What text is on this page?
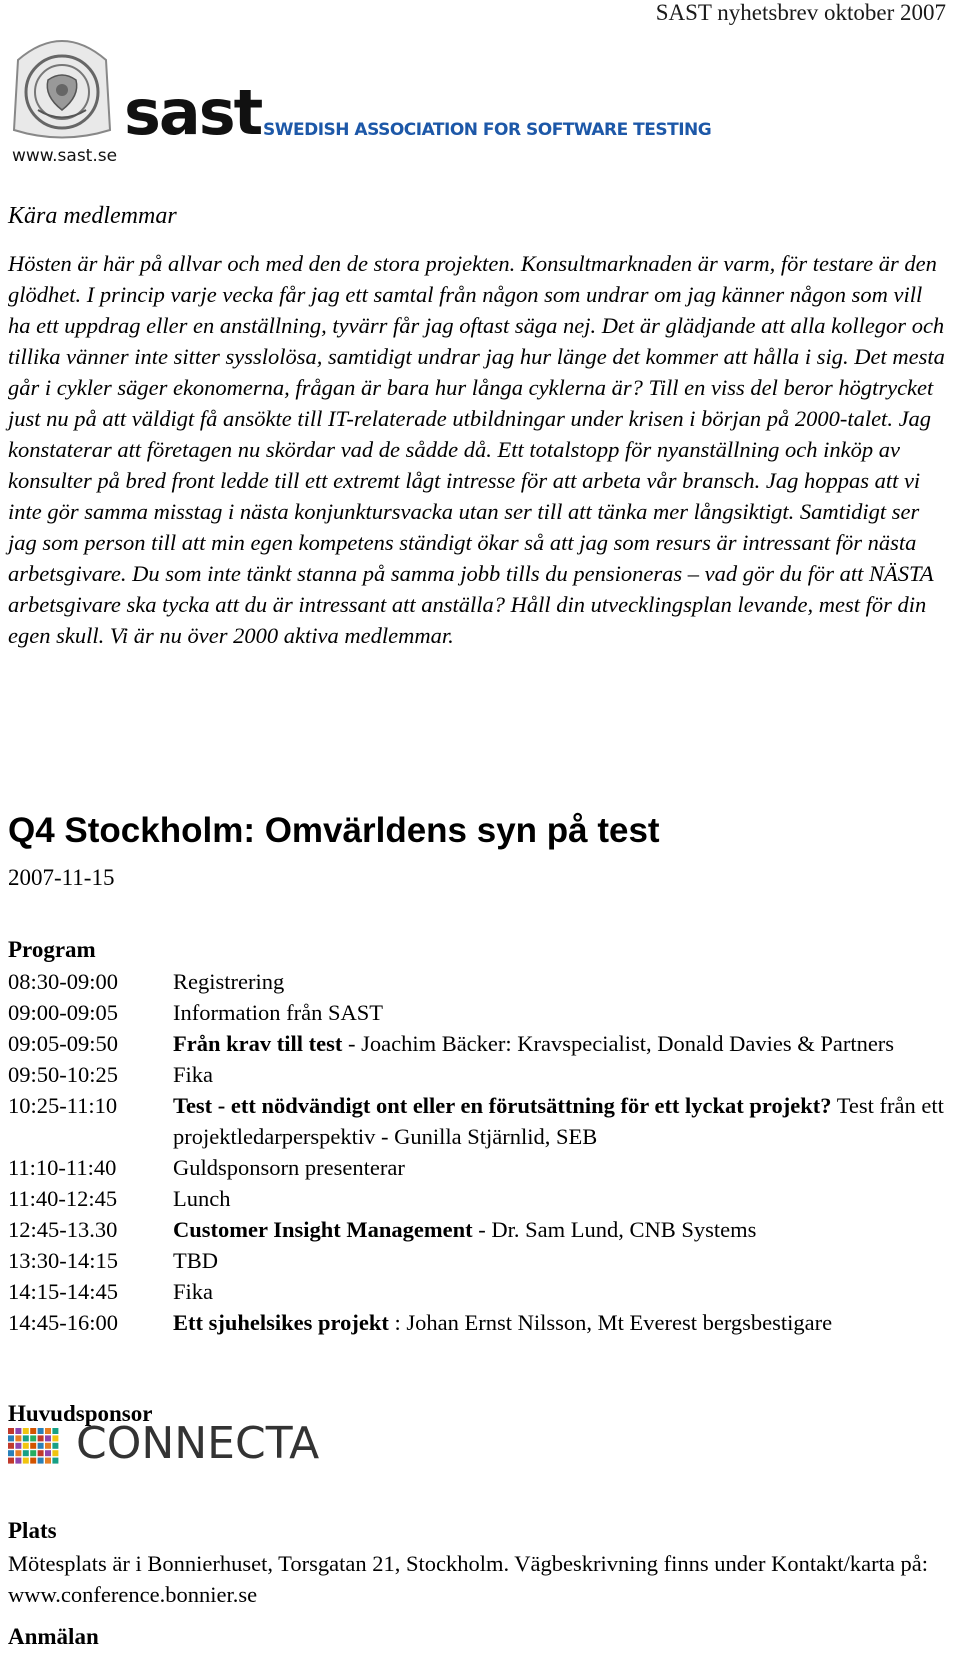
SAST nyhetsbrev oktober 2007
sast SWEDISH ASSOCIATION FOR SOFTWARE TESTING
www.sast.se
Kära medlemmar

Hösten är här på allvar och med den de stora projekten. Konsultmarknaden är varm, för testare är den glödhet. I princip varje vecka får jag ett samtal från någon som undrar om jag känner någon som vill ha ett uppdrag eller en anställning, tyvärr får jag oftast säga nej. Det är glädjande att alla kollegor och tillika vänner inte sitter sysslolösa, samtidigt undrar jag hur länge det kommer att hålla i sig. Det mesta går i cykler säger ekonomerna, frågan är bara hur långa cyklerna är? Till en viss del beror högtrycket just nu på att väldigt få ansökte till IT-relaterade utbildningar under krisen i början på 2000-talet. Jag konstaterar att företagen nu skördar vad de sådde då. Ett totalstopp för nyanställning och inköp av konsulter på bred front ledde till ett extremt lågt intresse för att arbeta vår bransch. Jag hoppas att vi inte gör samma misstag i nästa konjunktursvacka utan ser till att tänka mer långsiktigt. Samtidigt ser jag som person till att min egen kompetens ständigt ökar så att jag som resurs är intressant för nästa arbetsgivare. Du som inte tänkt stanna på samma jobb tills du pensioneras – vad gör du för att NÄSTA arbetsgivare ska tycka att du är intressant att anställa? Håll din utvecklingsplan levande, mest för din egen skull. Vi är nu över 2000 aktiva medlemmar.

Q4 Stockholm: Omvärldens syn på test
2007-11-15
Program
08:30-09:00	Registrering
09:00-09:05	Information från SAST
09:05-09:50	Från krav till test - Joachim Bäcker: Kravspecialist, Donald Davies & Partners
09:50-10:25	Fika
10:25-11:10	Test - ett nödvändigt ont eller en förutsättning för ett lyckat projekt? Test från ett projektledarperspektiv - Gunilla Stjärnlid, SEB
11:10-11:40	Guldsponsorn presenterar
11:40-12:45	Lunch
12:45-13.30	Customer Insight Management - Dr. Sam Lund, CNB Systems
13:30-14:15	TBD
14:15-14:45	Fika
14:45-16:00	Ett sjuhelsikes projekt : Johan Ernst Nilsson, Mt Everest bergsbestigare
Huvudsponsor
CONNECTA
Plats

Mötesplats är i Bonnierhuset, Torsgatan 21, Stockholm. Vägbeskrivning finns under Kontakt/karta på: www.conference.bonnier.se

Anmälan
